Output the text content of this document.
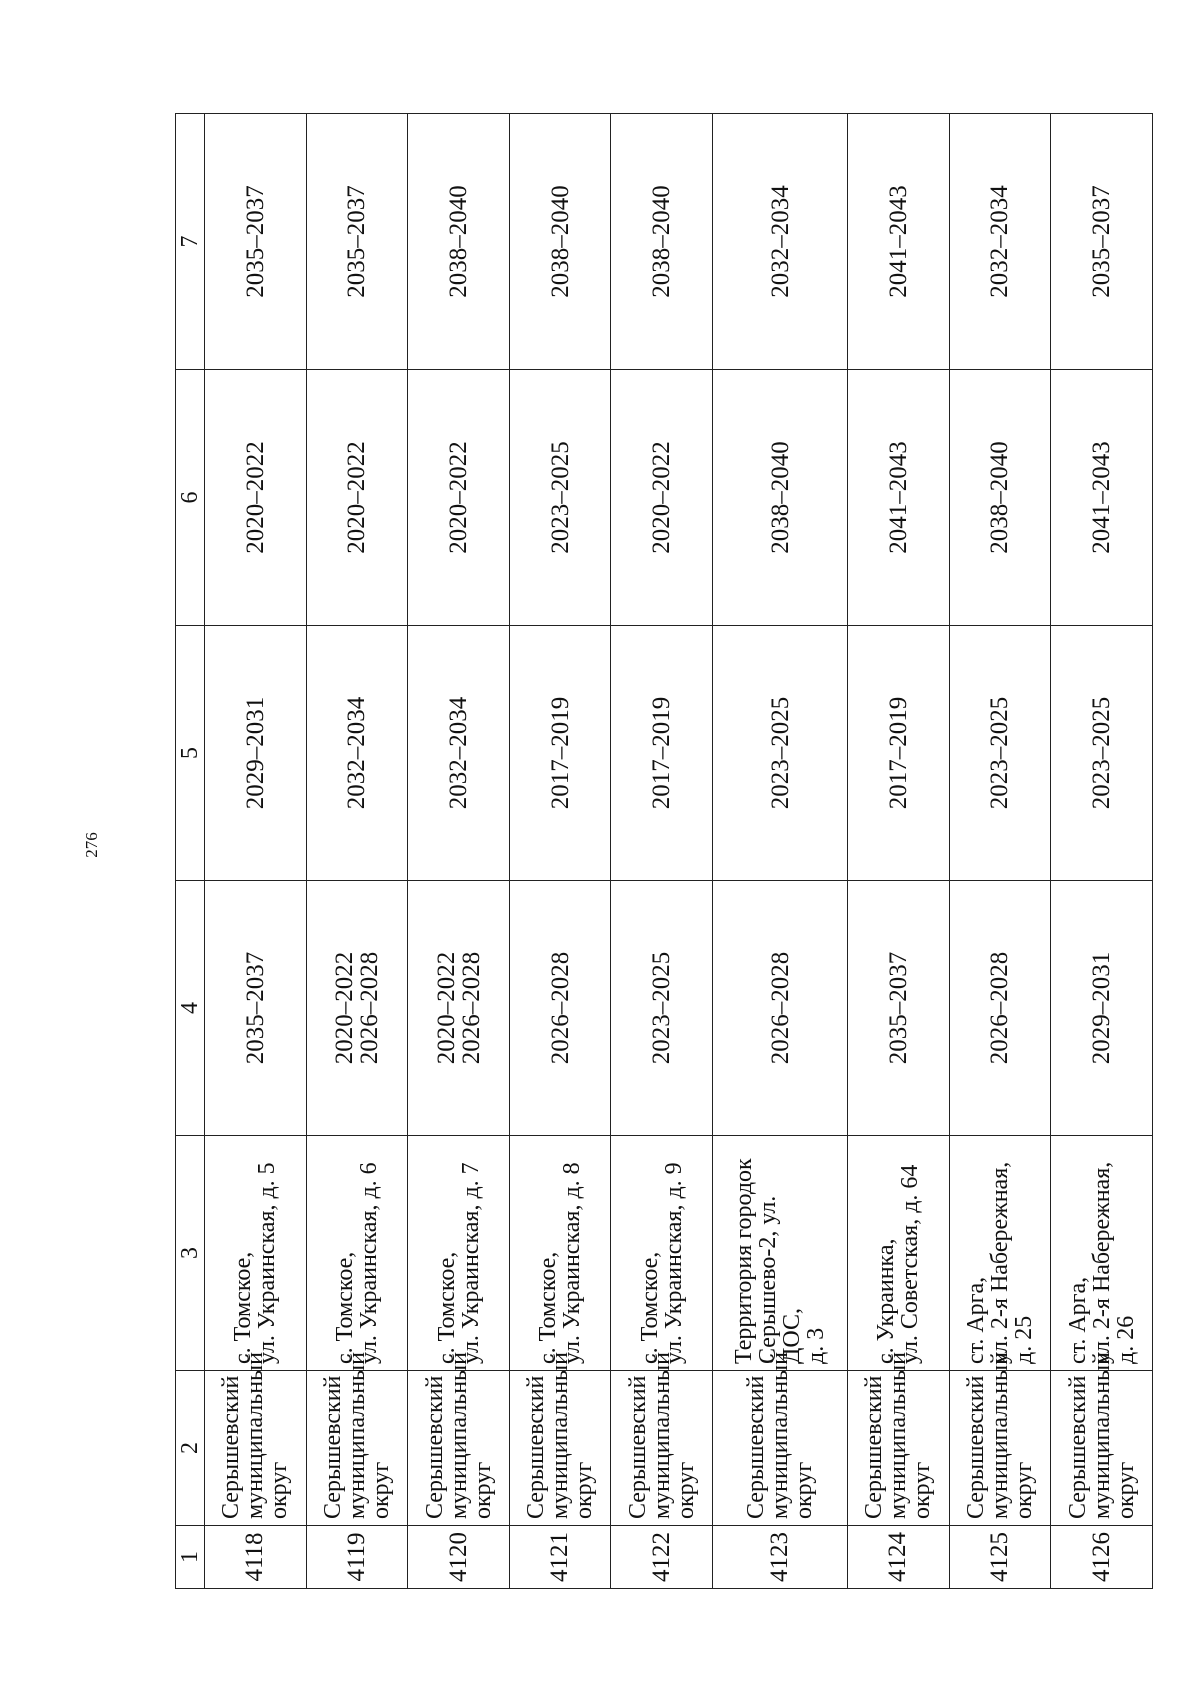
276
1	2	3	4	5	6	7
4118	Серышевский
муниципальный
округ	с. Томское,
ул. Украинская, д. 5	2035–2037	2029–2031	2020–2022	2035–2037
4119	Серышевский
муниципальный
округ	с. Томское,
ул. Украинская, д. 6	2020–2022
2026–2028	2032–2034	2020–2022	2035–2037
4120	Серышевский
муниципальный
округ	с. Томское,
ул. Украинская, д. 7	2020–2022
2026–2028	2032–2034	2020–2022	2038–2040
4121	Серышевский
муниципальный
округ	с. Томское,
ул. Украинская, д. 8	2026–2028	2017–2019	2023–2025	2038–2040
4122	Серышевский
муниципальный
округ	с. Томское,
ул. Украинская, д. 9	2023–2025	2017–2019	2020–2022	2038–2040
4123	Серышевский
муниципальный
округ	Территория городок
Серышево-2, ул. ДОС,
д. 3	2026–2028	2023–2025	2038–2040	2032–2034
4124	Серышевский
муниципальный
округ	с. Украинка,
ул. Советская, д. 64	2035–2037	2017–2019	2041–2043	2041–2043
4125	Серышевский
муниципальный
округ	ст. Арга,
ул. 2-я Набережная,
д. 25	2026–2028	2023–2025	2038–2040	2032–2034
4126	Серышевский
муниципальный
округ	ст. Арга,
ул. 2-я Набережная,
д. 26	2029–2031	2023–2025	2041–2043	2035–2037
